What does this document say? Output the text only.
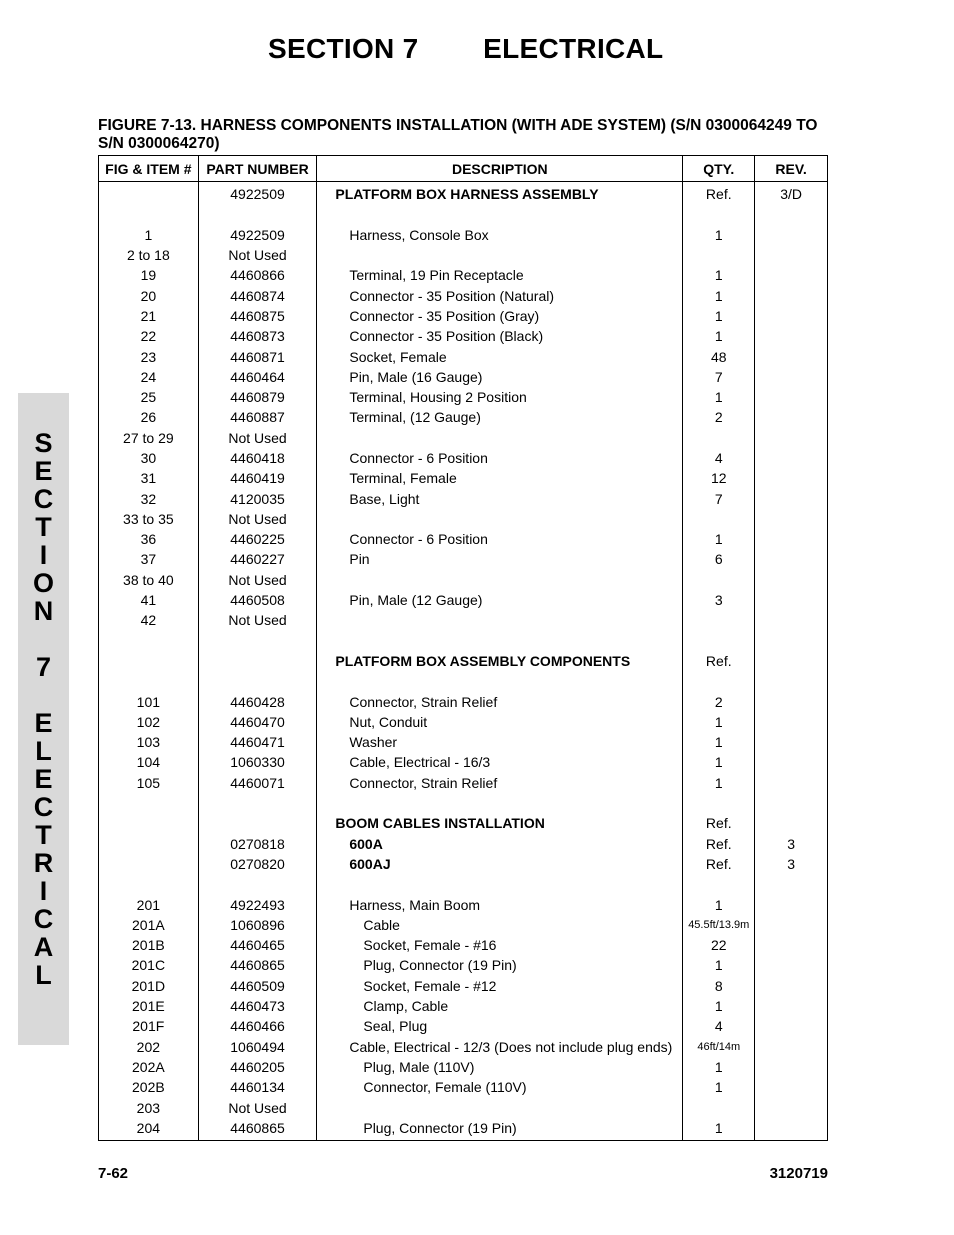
SECTION 7        ELECTRICAL
S
E
C
T
I
O
N

7

E
L
E
C
T
R
I
C
A
L
FIGURE 7-13. HARNESS COMPONENTS INSTALLATION (WITH ADE SYSTEM) (S/N 0300064249 TO S/N 0300064270)
FIG & ITEM #	PART NUMBER	DESCRIPTION	QTY.	REV.
	4922509	PLATFORM BOX HARNESS ASSEMBLY	Ref.	3/D

1	4922509	Harness, Console Box	1	
2 to 18	Not Used			
19	4460866	Terminal, 19 Pin Receptacle	1	
20	4460874	Connector - 35 Position (Natural)	1	
21	4460875	Connector - 35 Position (Gray)	1	
22	4460873	Connector - 35 Position (Black)	1	
23	4460871	Socket, Female	48	
24	4460464	Pin, Male (16 Gauge)	7	
25	4460879	Terminal, Housing 2 Position	1	
26	4460887	Terminal, (12 Gauge)	2	
27 to 29	Not Used			
30	4460418	Connector - 6 Position	4	
31	4460419	Terminal, Female	12	
32	4120035	Base, Light	7	
33 to 35	Not Used			
36	4460225	Connector - 6 Position	1	
37	4460227	Pin	6	
38 to 40	Not Used			
41	4460508	Pin, Male (12 Gauge)	3	
42	Not Used			

		PLATFORM BOX ASSEMBLY COMPONENTS	Ref.	

101	4460428	Connector, Strain Relief	2	
102	4460470	Nut, Conduit	1	
103	4460471	Washer	1	
104	1060330	Cable, Electrical - 16/3	1	
105	4460071	Connector, Strain Relief	1	

		BOOM CABLES INSTALLATION	Ref.	
	0270818	600A	Ref.	3
	0270820	600AJ	Ref.	3

201	4922493	Harness, Main Boom	1	
201A	1060896	Cable	45.5ft/13.9m	
201B	4460465	Socket, Female - #16	22	
201C	4460865	Plug, Connector (19 Pin)	1	
201D	4460509	Socket, Female - #12	8	
201E	4460473	Clamp, Cable	1	
201F	4460466	Seal, Plug	4	
202	1060494	Cable, Electrical - 12/3 (Does not include plug ends)	46ft/14m	
202A	4460205	Plug, Male (110V)	1	
202B	4460134	Connector, Female (110V)	1	
203	Not Used			
204	4460865	Plug, Connector (19 Pin)	1	
7-62	3120719
